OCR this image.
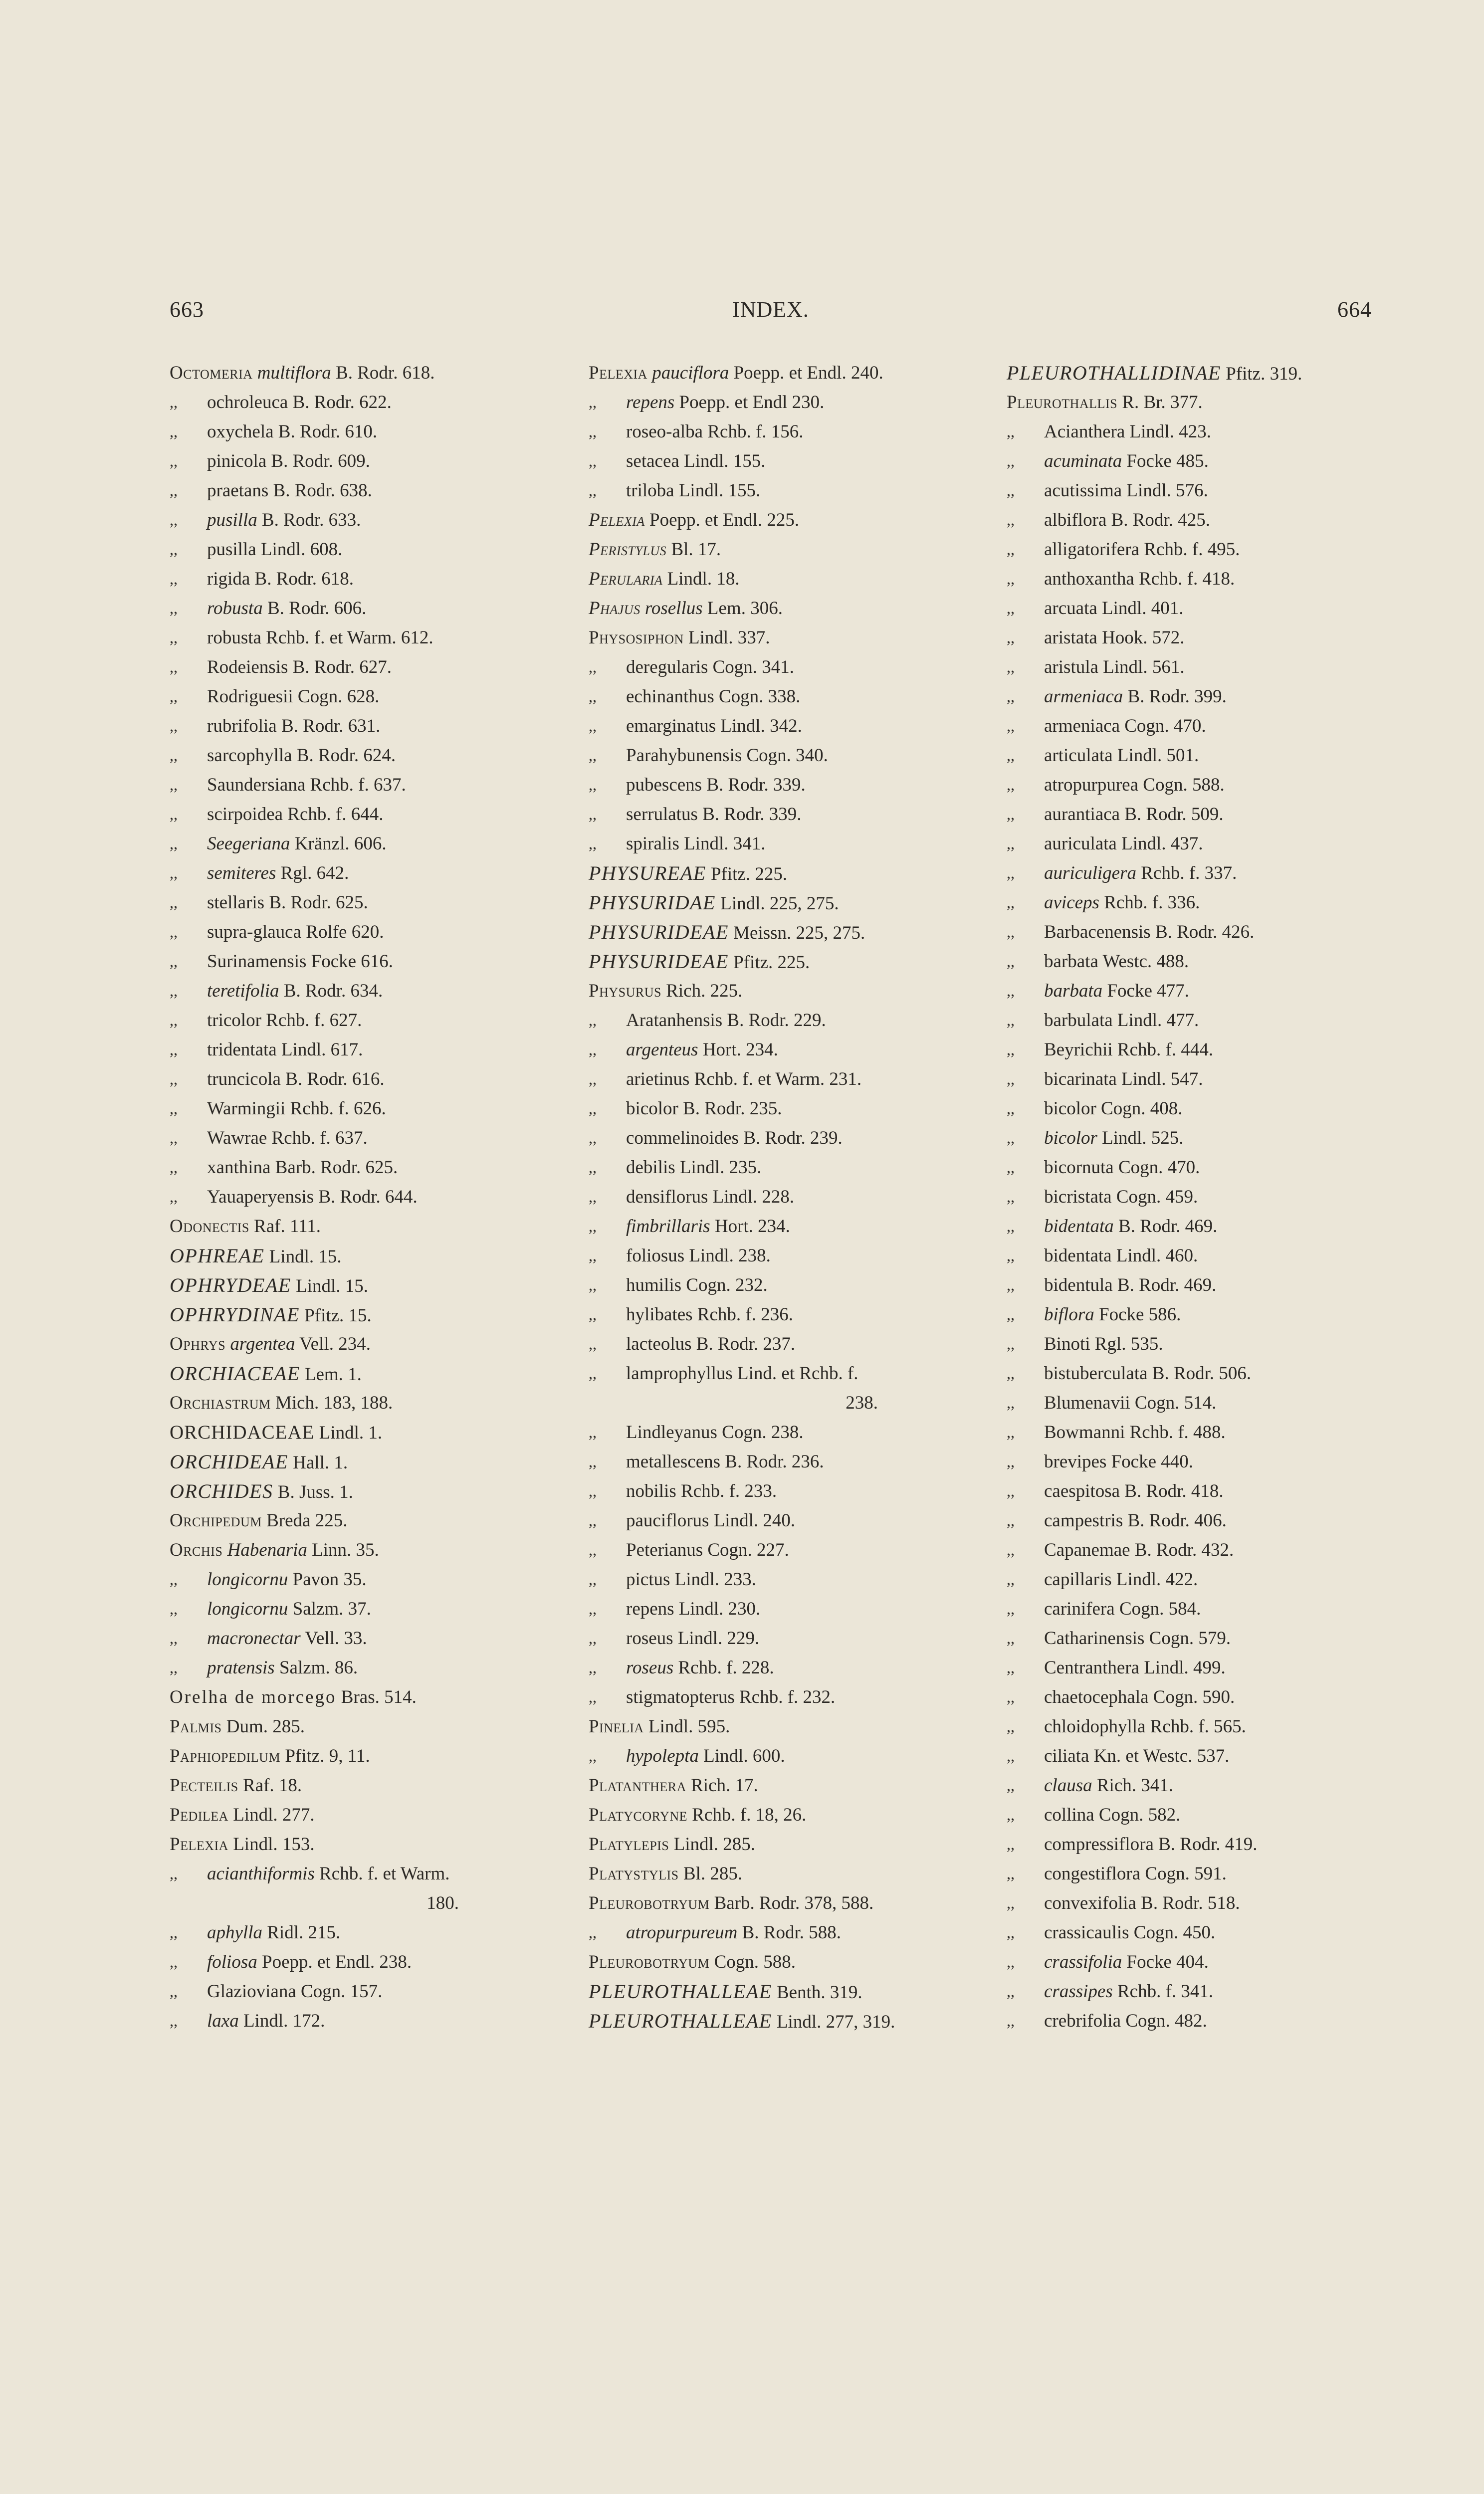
663	INDEX.	664
Octomeria multiflora B. Rodr. 618.
,, ochroleuca B. Rodr. 622.
,, oxychela B. Rodr. 610.
,, pinicola B. Rodr. 609.
,, praetans B. Rodr. 638.
,, pusilla B. Rodr. 633.
,, pusilla Lindl. 608.
,, rigida B. Rodr. 618.
,, robusta B. Rodr. 606.
,, robusta Rchb. f. et Warm. 612.
,, Rodeiensis B. Rodr. 627.
,, Rodriguesii Cogn. 628.
,, rubrifolia B. Rodr. 631.
,, sarcophylla B. Rodr. 624.
,, Saundersiana Rchb. f. 637.
,, scirpoidea Rchb. f. 644.
,, Seegeriana Kränzl. 606.
,, semiteres Rgl. 642.
,, stellaris B. Rodr. 625.
,, supra-glauca Rolfe 620.
,, Surinamensis Focke 616.
,, teretifolia B. Rodr. 634.
,, tricolor Rchb. f. 627.
,, tridentata Lindl. 617.
,, truncicola B. Rodr. 616.
,, Warmingii Rchb. f. 626.
,, Wawrae Rchb. f. 637.
,, xanthina Barb. Rodr. 625.
,, Yauaperyensis B. Rodr. 644.
Odonectis Raf. 111.
OPHREAE Lindl. 15.
OPHRYDEAE Lindl. 15.
OPHRYDINAE Pfitz. 15.
Ophrys argentea Vell. 234.
ORCHIACEAE Lem. 1.
Orchiastrum Mich. 183, 188.
ORCHIDACEAE Lindl. 1.
ORCHIDEAE Hall. 1.
ORCHIDES B. Juss. 1.
Orchipedum Breda 225.
Orchis Habenaria Linn. 35.
,, longicornu Pavon 35.
,, longicornu Salzm. 37.
,, macronectar Vell. 33.
,, pratensis Salzm. 86.
Orelha de morcego Bras. 514.
Palmis Dum. 285.
Paphiopedilum Pfitz. 9, 11.
Pecteilis Raf. 18.
Pedilea Lindl. 277.
Pelexia Lindl. 153.
,, acianthiformis Rchb. f. et Warm.
180.
,, aphylla Ridl. 215.
,, foliosa Poepp. et Endl. 238.
,, Glazioviana Cogn. 157.
,, laxa Lindl. 172.
Pelexia pauciflora Poepp. et Endl. 240.
,, repens Poepp. et Endl 230.
,, roseo-alba Rchb. f. 156.
,, setacea Lindl. 155.
,, triloba Lindl. 155.
Pelexia Poepp. et Endl. 225.
Peristylus Bl. 17.
Perularia Lindl. 18.
Phajus rosellus Lem. 306.
Physosiphon Lindl. 337.
,, deregularis Cogn. 341.
,, echinanthus Cogn. 338.
,, emarginatus Lindl. 342.
,, Parahybunensis Cogn. 340.
,, pubescens B. Rodr. 339.
,, serrulatus B. Rodr. 339.
,, spiralis Lindl. 341.
PHYSUREAE Pfitz. 225.
PHYSURIDAE Lindl. 225, 275.
PHYSURIDEAE Meissn. 225, 275.
PHYSURIDEAE Pfitz. 225.
Physurus Rich. 225.
,, Aratanhensis B. Rodr. 229.
,, argenteus Hort. 234.
,, arietinus Rchb. f. et Warm. 231.
,, bicolor B. Rodr. 235.
,, commelinoides B. Rodr. 239.
,, debilis Lindl. 235.
,, densiflorus Lindl. 228.
,, fimbrillaris Hort. 234.
,, foliosus Lindl. 238.
,, humilis Cogn. 232.
,, hylibates Rchb. f. 236.
,, lacteolus B. Rodr. 237.
,, lamprophyllus Lind. et Rchb. f.
238.
,, Lindleyanus Cogn. 238.
,, metallescens B. Rodr. 236.
,, nobilis Rchb. f. 233.
,, pauciflorus Lindl. 240.
,, Peterianus Cogn. 227.
,, pictus Lindl. 233.
,, repens Lindl. 230.
,, roseus Lindl. 229.
,, roseus Rchb. f. 228.
,, stigmatopterus Rchb. f. 232.
Pinelia Lindl. 595.
,, hypolepta Lindl. 600.
Platanthera Rich. 17.
Platycoryne Rchb. f. 18, 26.
Platylepis Lindl. 285.
Platystylis Bl. 285.
Pleurobotryum Barb. Rodr. 378, 588.
,, atropurpureum B. Rodr. 588.
Pleurobotryum Cogn. 588.
PLEUROTHALLEAE Benth. 319.
PLEUROTHALLEAE Lindl. 277, 319.
PLEUROTHALLIDINAE Pfitz. 319.
Pleurothallis R. Br. 377.
,, Acianthera Lindl. 423.
,, acuminata Focke 485.
,, acutissima Lindl. 576.
,, albiflora B. Rodr. 425.
,, alligatorifera Rchb. f. 495.
,, anthoxantha Rchb. f. 418.
,, arcuata Lindl. 401.
,, aristata Hook. 572.
,, aristula Lindl. 561.
,, armeniaca B. Rodr. 399.
,, armeniaca Cogn. 470.
,, articulata Lindl. 501.
,, atropurpurea Cogn. 588.
,, aurantiaca B. Rodr. 509.
,, auriculata Lindl. 437.
,, auriculigera Rchb. f. 337.
,, aviceps Rchb. f. 336.
,, Barbacenensis B. Rodr. 426.
,, barbata Westc. 488.
,, barbata Focke 477.
,, barbulata Lindl. 477.
,, Beyrichii Rchb. f. 444.
,, bicarinata Lindl. 547.
,, bicolor Cogn. 408.
,, bicolor Lindl. 525.
,, bicornuta Cogn. 470.
,, bicristata Cogn. 459.
,, bidentata B. Rodr. 469.
,, bidentata Lindl. 460.
,, bidentula B. Rodr. 469.
,, biflora Focke 586.
,, Binoti Rgl. 535.
,, bistuberculata B. Rodr. 506.
,, Blumenavii Cogn. 514.
,, Bowmanni Rchb. f. 488.
,, brevipes Focke 440.
,, caespitosa B. Rodr. 418.
,, campestris B. Rodr. 406.
,, Capanemae B. Rodr. 432.
,, capillaris Lindl. 422.
,, carinifera Cogn. 584.
,, Catharinensis Cogn. 579.
,, Centranthera Lindl. 499.
,, chaetocephala Cogn. 590.
,, chloidophylla Rchb. f. 565.
,, ciliata Kn. et Westc. 537.
,, clausa Rich. 341.
,, collina Cogn. 582.
,, compressiflora B. Rodr. 419.
,, congestiflora Cogn. 591.
,, convexifolia B. Rodr. 518.
,, crassicaulis Cogn. 450.
,, crassifolia Focke 404.
,, crassipes Rchb. f. 341.
,, crebrifolia Cogn. 482.
